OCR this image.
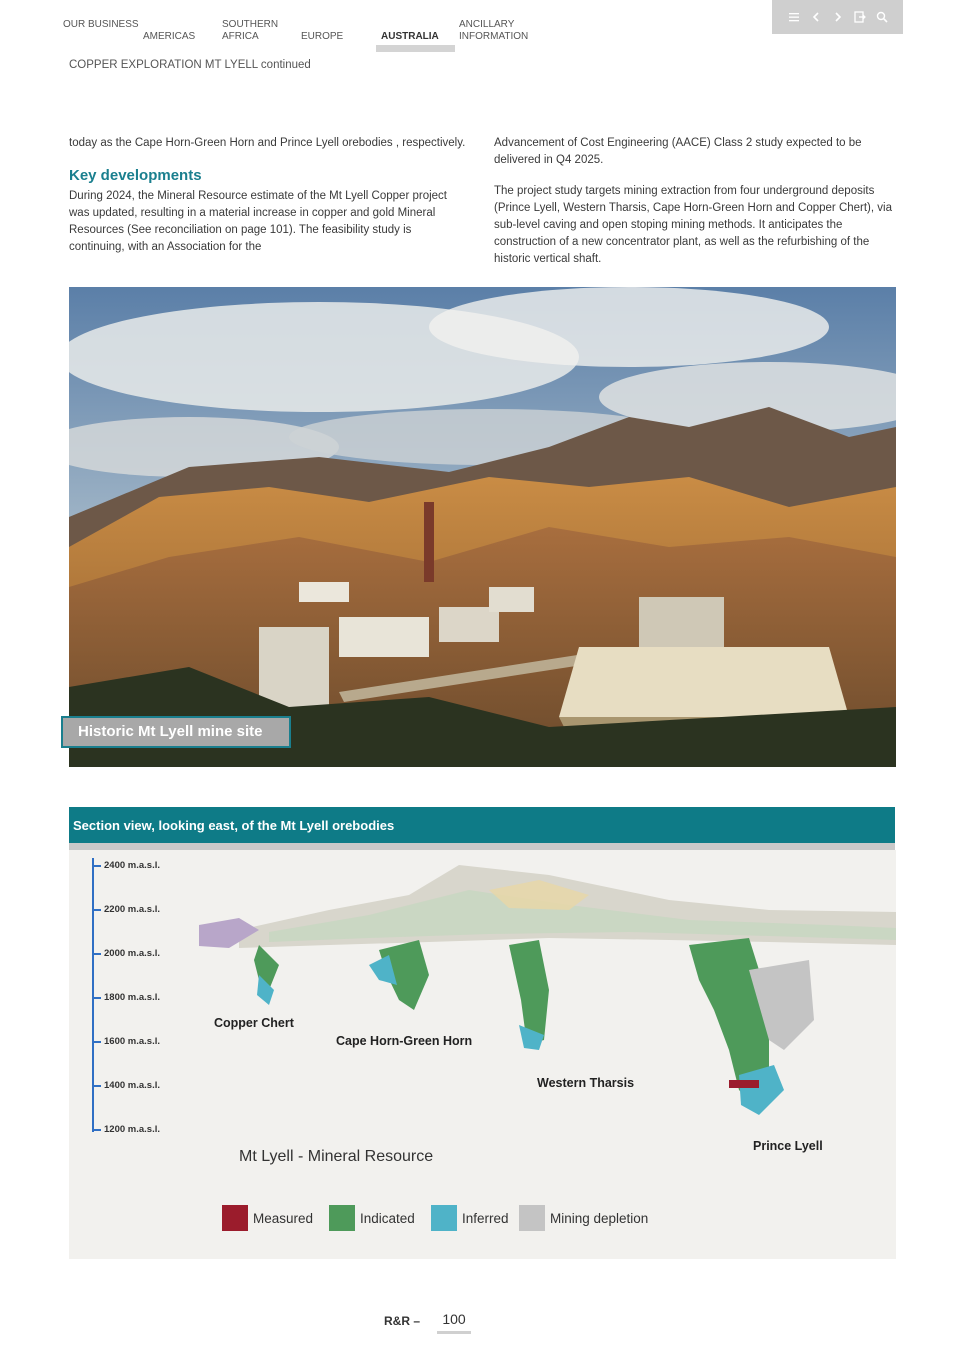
OUR BUSINESS
AMERICAS
SOUTHERN AFRICA	EUROPE	AUSTRALIA
ANCILLARY INFORMATION
COPPER EXPLORATION MT LYELL continued

today as the Cape Horn-Green Horn and Prince Lyell orebodies , respectively.

Key developments

During 2024, the Mineral Resource estimate of the Mt Lyell Copper project was updated, resulting in a material increase in copper and gold Mineral Resources (See reconciliation on page 101). The feasibility study is continuing, with an Association for the

Advancement of Cost Engineering (AACE) Class 2 study expected to be delivered in Q4 2025.

The project study targets mining extraction from four underground deposits (Prince Lyell, Western Tharsis, Cape Horn-Green Horn and Copper Chert), via sub-level caving and open stoping mining methods. It anticipates the construction of a new concentrator plant, as well as the refurbishing of the historic vertical shaft.

Historic Mt Lyell mine site
Section view, looking east, of the Mt Lyell orebodies
2400 m.a.s.l.
2200 m.a.s.l.
2000 m.a.s.l.
1800 m.a.s.l.
1600 m.a.s.l.
1400 m.a.s.l.
1200 m.a.s.l.
Copper Chert
Cape Horn-Green Horn
Western Tharsis
Prince Lyell
Mt Lyell - Mineral Resource
Measured	Indicated	Inferred	Mining depletion
R&R –	100
